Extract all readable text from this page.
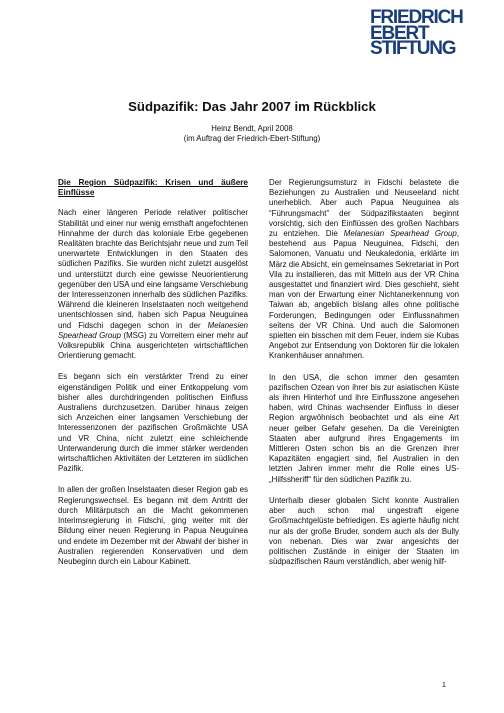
FRIEDRICH
EBERT
STIFTUNG
Südpazifik: Das Jahr 2007 im Rückblick
Heinz Bendt, April 2008
(im Auftrag der Friedrich-Ebert-Stiftung)
Die Region Südpazifik: Krisen und äußere Einflüsse

Nach einer längeren Periode relativer politischer Stabilität und einer nur wenig ernsthaft angefochtenen Hinnahme der durch das koloniale Erbe gegebenen Realitäten brachte das Berichtsjahr neue und zum Teil unerwartete Entwicklungen in den Staaten des südlichen Pazifiks. Sie wurden nicht zuletzt ausgelöst und unterstützt durch eine gewisse Neuorientierung gegenüber den USA und eine langsame Verschiebung der Interessenzonen innerhalb des südlichen Pazifiks. Während die kleineren Inselstaaten noch weitgehend unentschlossen sind, haben sich Papua Neuguinea und Fidschi dagegen schon in der Melanesien Spearhead Group (MSG) zu Vorreitern einer mehr auf Volksrepublik China ausgerichteten wirtschaftlichen Orientierung gemacht.

Es begann sich ein verstärkter Trend zu einer eigenständigen Politik und einer Entkoppelung vom bisher alles durchdringenden politischen Einfluss Australiens durchzusetzen. Darüber hinaus zeigen sich Anzeichen einer langsamen Verschiebung der Interessenzonen der pazifischen Großmächte USA und VR China, nicht zuletzt eine schleichende Unterwanderung durch die immer stärker werdenden wirtschaftlichen Aktivitäten der Letzteren im südlichen Pazifik.

In allen der großen Inselstaaten dieser Region gab es Regierungswechsel. Es begann mit dem Antritt der durch Militärputsch an die Macht gekommenen Interimsregierung in Fidschi, ging weiter mit der Bildung einer neuen Regierung in Papua Neuguinea und endete im Dezember mit der Abwahl der bisher in Australien regierenden Konservativen und dem Neubeginn durch ein Labour Kabinett.

Der Regierungsumsturz in Fidschi belastete die Beziehungen zu Australien und Neuseeland nicht unerheblich. Aber auch Papua Neuguinea als “Führungsmacht” der Südpazifikstaaten beginnt vorsichtig, sich den Einflüssen des großen Nachbars zu entziehen. Die Melanesian Spearhead Group, bestehend aus Papua Neuguinea, Fidschi, den Salomonen, Vanuatu und Neukaledonia, erklärte im März die Absicht, ein gemeinsames Sekretariat in Port Vila zu installieren, das mit Mitteln aus der VR China ausgestattet und finanziert wird. Dies geschieht, sieht man von der Erwartung einer Nichtanerkennung von Taiwan ab, angeblich bislang alles ohne politische Forderungen, Bedingungen oder Einflussnahmen seitens der VR China. Und auch die Salomonen spielten ein bisschen mit dem Feuer, indem sie Kubas Angebot zur Entsendung von Doktoren für die lokalen Krankenhäuser annahmen.

In den USA, die schon immer den gesamten pazifischen Ozean von ihrer bis zur asiatischen Küste als ihren Hinterhof und ihre Einflusszone angesehen haben, wird Chinas wachsender Einfluss in dieser Region argwöhnisch beobachtet und als eine Art neuer gelber Gefahr gesehen. Da die Vereinigten Staaten aber aufgrund ihres Engagements im Mittleren Osten schon bis an die Grenzen ihrer Kapazitäten engagiert sind, fiel Australien in den letzten Jahren immer mehr die Rolle eines US-„Hilfssheriff“ für den südlichen Pazifik zu.

Unterhalb dieser globalen Sicht konnte Australien aber auch schon mal ungestraft eigene Großmachtgelüste befriedigen. Es agierte häufig nicht nur als der große Bruder, sondern auch als der Bully von nebenan. Dies war zwar angesichts der politischen Zustände in einiger der Staaten im südpazifischen Raum verständlich, aber wenig hilf-

1
